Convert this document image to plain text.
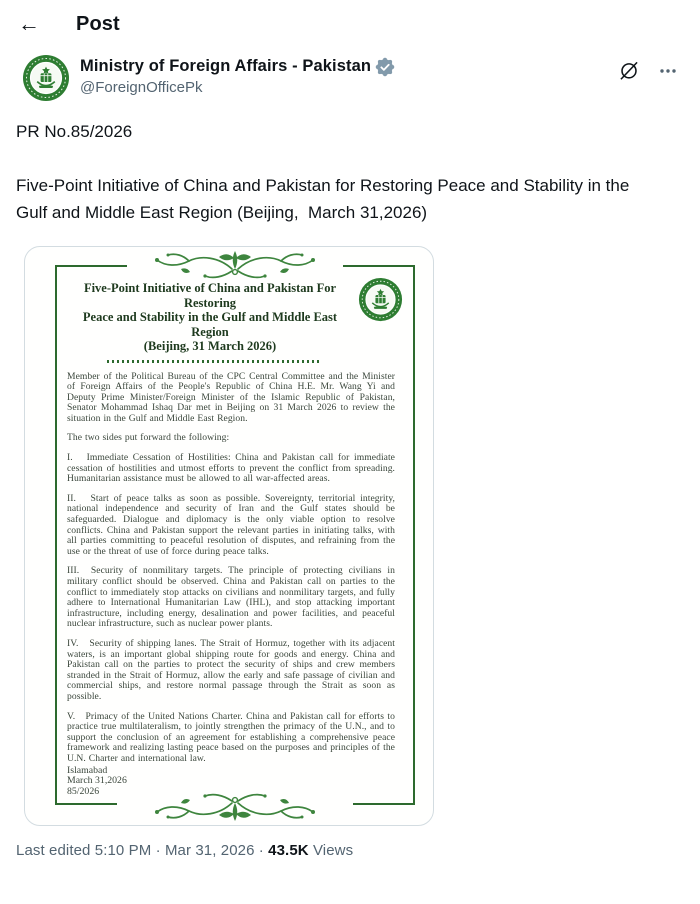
← Post
Ministry of Foreign Affairs - Pakistan
@ForeignOfficePk

PR No.85/2026

Five-Point Initiative of China and Pakistan for Restoring Peace and Stability in the Gulf and Middle East Region (Beijing,  March 31,2026)

Five-Point Initiative of China and Pakistan For Restoring
Peace and Stability in the Gulf and Middle East Region
(Beijing, 31 March 2026)

Member of the Political Bureau of the CPC Central Committee and the Minister of Foreign Affairs of the People's Republic of China H.E. Mr. Wang Yi and Deputy Prime Minister/Foreign Minister of the Islamic Republic of Pakistan, Senator Mohammad Ishaq Dar met in Beijing on 31 March 2026 to review the situation in the Gulf and Middle East Region.

The two sides put forward the following:

I.   Immediate Cessation of Hostilities: China and Pakistan call for immediate cessation of hostilities and utmost efforts to prevent the conflict from spreading. Humanitarian assistance must be allowed to all war-affected areas.

II.   Start of peace talks as soon as possible. Sovereignty, territorial integrity, national independence and security of Iran and the Gulf states should be safeguarded. Dialogue and diplomacy is the only viable option to resolve conflicts. China and Pakistan support the relevant parties in initiating talks, with all parties committing to peaceful resolution of disputes, and refraining from the use or the threat of use of force during peace talks.

III.  Security of nonmilitary targets. The principle of protecting civilians in military conflict should be observed. China and Pakistan call on parties to the conflict to immediately stop attacks on civilians and nonmilitary targets, and fully adhere to International Humanitarian Law (IHL), and stop attacking important infrastructure, including energy, desalination and power facilities, and peaceful nuclear infrastructure, such as nuclear power plants.

IV.   Security of shipping lanes. The Strait of Hormuz, together with its adjacent waters, is an important global shipping route for goods and energy. China and Pakistan call on the parties to protect the security of ships and crew members stranded in the Strait of Hormuz, allow the early and safe passage of civilian and commercial ships, and restore normal passage through the Strait as soon as possible.

V.   Primacy of the United Nations Charter. China and Pakistan call for efforts to practice true multilateralism, to jointly strengthen the primacy of the U.N., and to support the conclusion of an agreement for establishing a comprehensive peace framework and realizing lasting peace based on the purposes and principles of the U.N. Charter and international law.

Islamabad
March 31,2026
85/2026
Last edited 5:10 PM · Mar 31, 2026 · 43.5K Views
